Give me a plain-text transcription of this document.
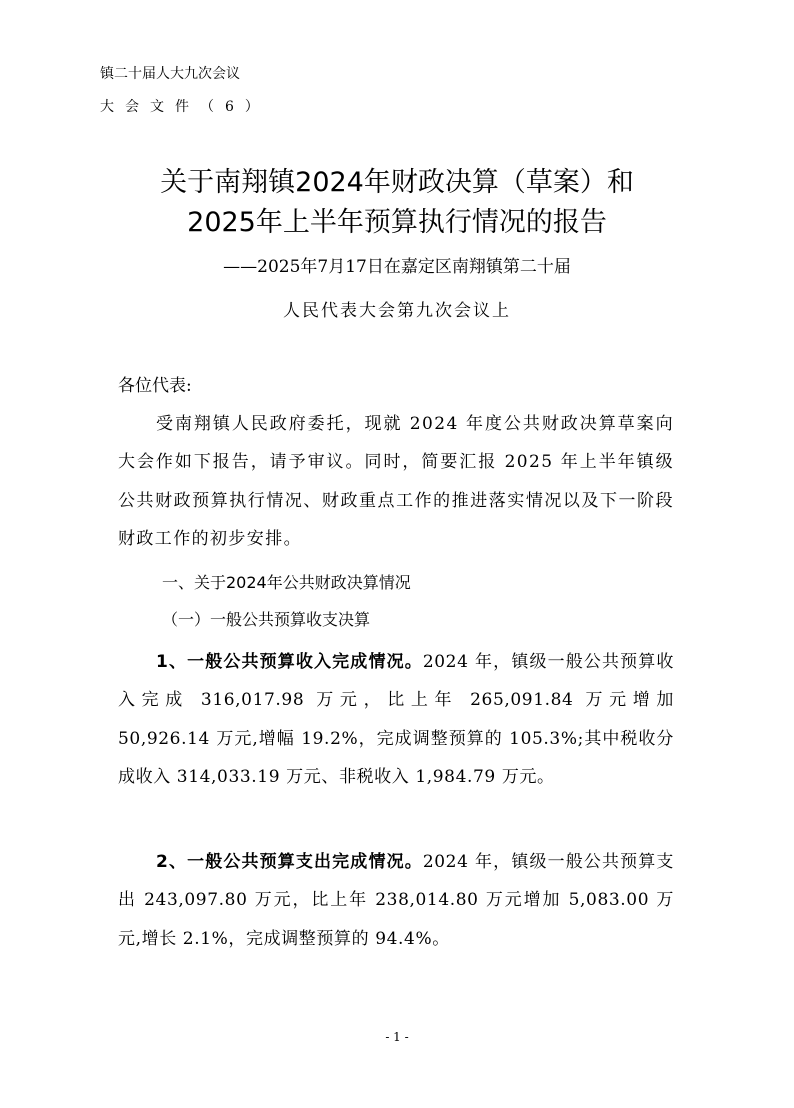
镇二十届人大九次会议
大会文件（6）
关于南翔镇2024年财政决算（草案）和
2025年上半年预算执行情况的报告
——2025年7月17日在嘉定区南翔镇第二十届
人民代表大会第九次会议上
各位代表:
受南翔镇人民政府委托，现就 2024 年度公共财政决算草案向大会作如下报告，请予审议。同时，简要汇报 2025 年上半年镇级公共财政预算执行情况、财政重点工作的推进落实情况以及下一阶段财政工作的初步安排。
一、关于2024年公共财政决算情况
（一）一般公共预算收支决算
1、一般公共预算收入完成情况。2024 年，镇级一般公共预算收入完成 316,017.98 万元，比上年 265,091.84 万元增加 50,926.14 万元,增幅 19.2%，完成调整预算的 105.3%;其中税收分成收入 314,033.19 万元、非税收入 1,984.79 万元。
2、一般公共预算支出完成情况。2024 年，镇级一般公共预算支出 243,097.80 万元，比上年 238,014.80 万元增加 5,083.00 万元,增长 2.1%，完成调整预算的 94.4%。
- 1 -
